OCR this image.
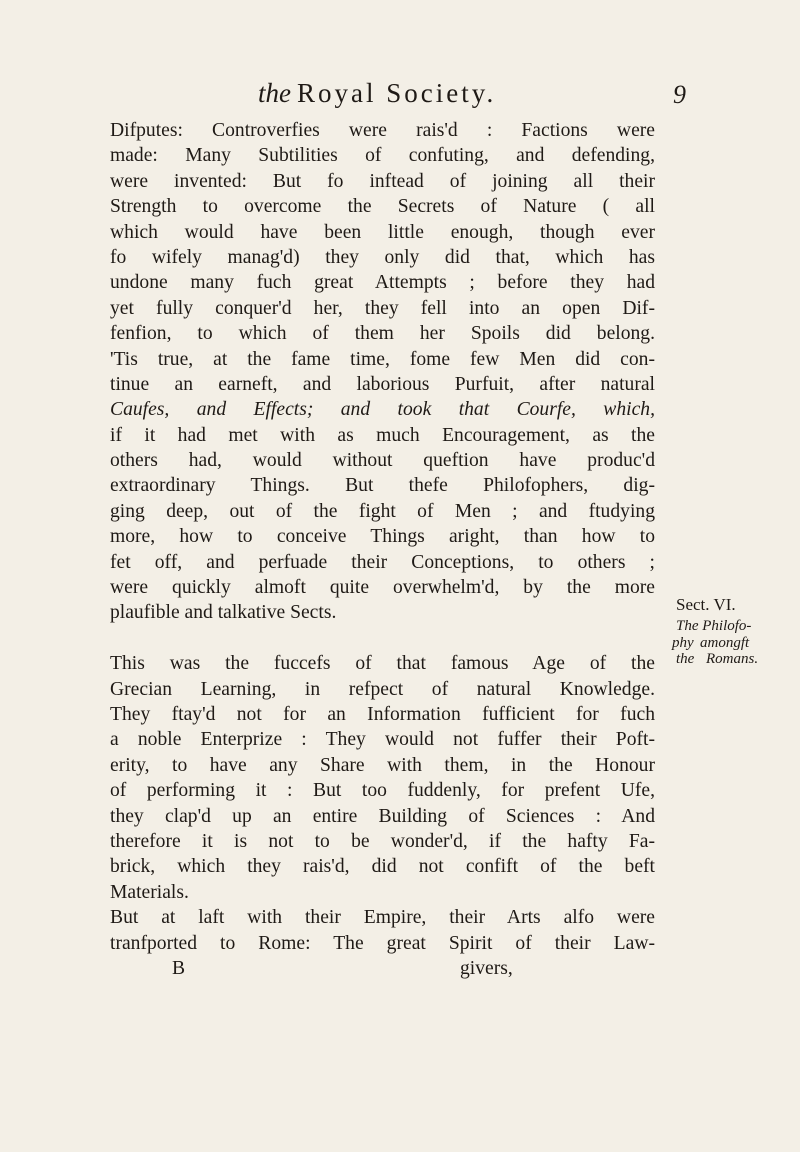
the Royal Society.	9
Difputes: Controverfies were rais'd : Factions were
made: Many Subtilities of confuting, and defending,
were invented: But fo inftead of joining all their
Strength to overcome the Secrets of Nature ( all
which would have been little enough, though ever
fo wifely manag'd) they only did that, which has
undone many fuch great Attempts ; before they had
yet fully conquer'd her, they fell into an open Dif-
fenfion, to which of them her Spoils did belong.
'Tis true, at the fame time, fome few Men did con-
tinue an earneft, and laborious Purfuit, after natural
Caufes, and Effects; and took that Courfe, which,
if it had met with as much Encouragement, as the
others had, would without queftion have produc'd
extraordinary Things. But thefe Philofophers, dig-
ging deep, out of the fight of Men ; and ftudying
more, how to conceive Things aright, than how to
fet off, and perfuade their Conceptions, to others ;
were quickly almoft quite overwhelm'd, by the more
plaufible and talkative Sects.
This was the fuccefs of that famous Age of the
Grecian Learning, in refpect of natural Knowledge.
They ftay'd not for an Information fufficient for fuch
a noble Enterprize : They would not fuffer their Poft-
erity, to have any Share with them, in the Honour
of performing it : But too fuddenly, for prefent Ufe,
they clap'd up an entire Building of Sciences : And
therefore it is not to be wonder'd, if the hafty Fa-
brick, which they rais'd, did not confift of the beft
Materials.
But at laft with their Empire, their Arts alfo were
tranfported to Rome: The great Spirit of their Law-
B	givers,
Sect. VI.
The Philofo-
phy amongft
the Romans.
